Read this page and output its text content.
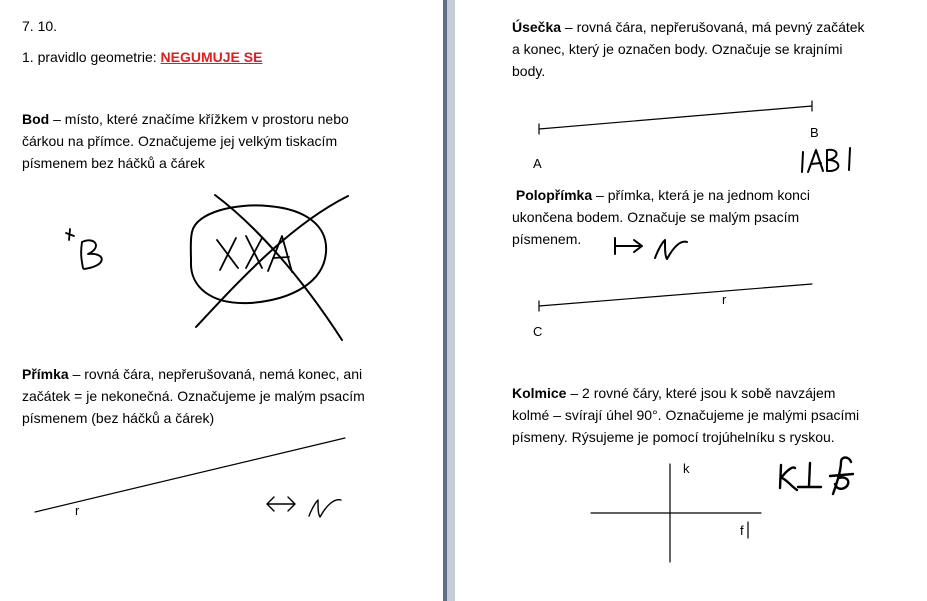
7. 10.
1. pravidlo geometrie: NEGUMUJE SE
Bod – místo, které značíme křížkem v prostoru nebo
čárkou na přímce. Označujeme jej velkým tiskacím
písmenem bez háčků a čárek
Přímka – rovná čára, nepřerušovaná, nemá konec, ani
začátek = je nekonečná. Označujeme je malým psacím
písmenem (bez háčků a čárek)
r
Úsečka – rovná čára, nepřerušovaná, má pevný začátek
a konec, který je označen body. Označuje se krajními
body.
A
B
Polopřímka – přímka, která je na jednom konci
ukončena bodem. Označuje se malým psacím
písmenem.
r
C
Kolmice – 2 rovné čáry, které jsou k sobě navzájem
kolmé – svírají úhel 90°. Označujeme je malými psacími
písmeny. Rýsujeme je pomocí trojúhelníku s ryskou.
k
f
